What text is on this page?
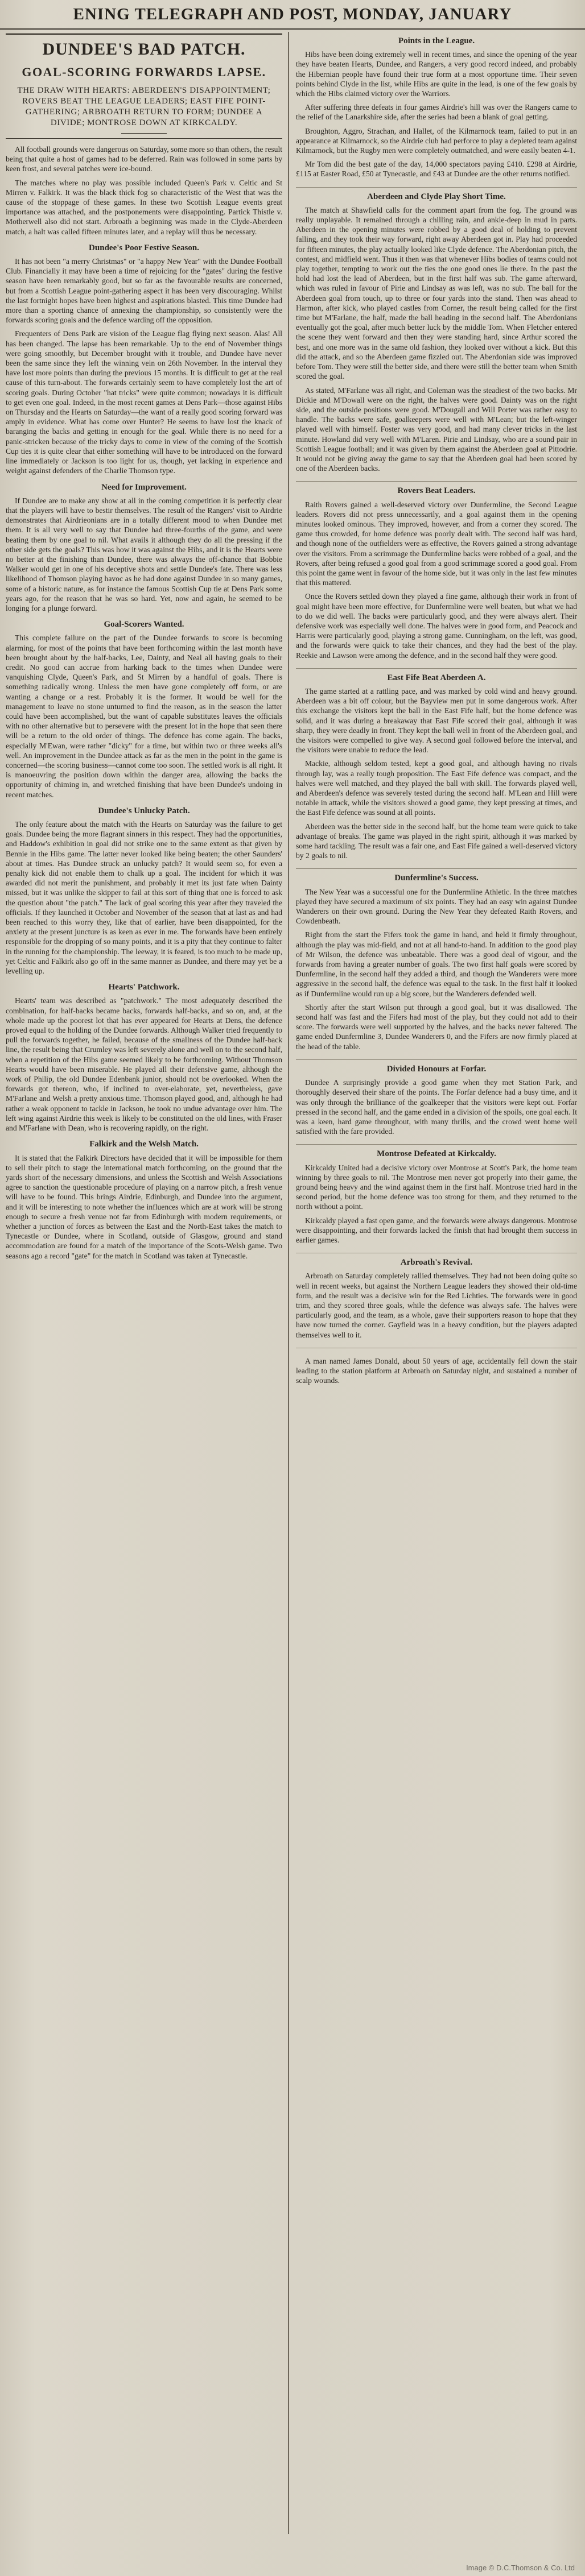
ENING TELEGRAPH AND POST, MONDAY, JANUARY
DUNDEE'S BAD PATCH.
GOAL-SCORING FORWARDS LAPSE.
THE DRAW WITH HEARTS: ABERDEEN'S DISAPPOINTMENT; ROVERS BEAT THE LEAGUE LEADERS; EAST FIFE POINT-GATHERING; ARBROATH RETURN TO FORM; DUNDEE A DIVIDE; MONTROSE DOWN AT KIRKCALDY.

All football grounds were dangerous on Saturday, some more so than others, the result being that quite a host of games had to be deferred. Rain was followed in some parts by keen frost, and several patches were ice-bound.

The matches where no play was possible included Queen's Park v. Celtic and St Mirren v. Falkirk. It was the black thick fog so characteristic of the West that was the cause of the stoppage of these games. In these two Scottish League events great importance was attached, and the postponements were disappointing. Partick Thistle v. Motherwell also did not start. Arbroath a beginning was made in the Clyde-Aberdeen match, a halt was called fifteen minutes later, and a replay will thus be necessary.

Dundee's Poor Festive Season.

It has not been "a merry Christmas" or "a happy New Year" with the Dundee Football Club. Financially it may have been a time of rejoicing for the "gates" during the festive season have been remarkably good, but so far as the favourable results are concerned, but from a Scottish League point-gathering aspect it has been very discouraging. Whilst the last fortnight hopes have been highest and aspirations blasted. This time Dundee had more than a sporting chance of annexing the championship, so consistently were the forwards scoring goals and the defence warding off the opposition.

Frequenters of Dens Park are vision of the League flag flying next season. Alas! All has been changed. The lapse has been remarkable. Up to the end of November things were going smoothly, but December brought with it trouble, and Dundee have never been the same since they left the winning vein on 26th November. In the interval they have lost more points than during the previous 15 months. It is difficult to get at the real cause of this turn-about. The forwards certainly seem to have completely lost the art of scoring goals. During October "hat tricks" were quite common; nowadays it is difficult to get even one goal. Indeed, in the most recent games at Dens Park—those against Hibs on Thursday and the Hearts on Saturday—the want of a really good scoring forward was amply in evidence. What has come over Hunter? He seems to have lost the knack of baranging the backs and getting in enough for the goal. While there is no need for a panic-stricken because of the tricky days to come in view of the coming of the Scottish Cup ties it is quite clear that either something will have to be introduced on the forward line immediately or Jackson is too light for us, though, yet lacking in experience and weight against defenders of the Charlie Thomson type.

Need for Improvement.

If Dundee are to make any show at all in the coming competition it is perfectly clear that the players will have to bestir themselves. The result of the Rangers' visit to Airdrie demonstrates that Airdrieonians are in a totally different mood to when Dundee met them. It is all very well to say that Dundee had three-fourths of the game, and were beating them by one goal to nil. What avails it although they do all the pressing if the other side gets the goals? This was how it was against the Hibs, and it is the Hearts were no better at the finishing than Dundee, there was always the off-chance that Bobbie Walker would get in one of his deceptive shots and settle Dundee's fate. There was less likelihood of Thomson playing havoc as he had done against Dundee in so many games, some of a historic nature, as for instance the famous Scottish Cup tie at Dens Park some years ago, for the reason that he was so hard. Yet, now and again, he seemed to be longing for a plunge forward.

Goal-Scorers Wanted.

This complete failure on the part of the Dundee forwards to score is becoming alarming, for most of the points that have been forthcoming within the last month have been brought about by the half-backs, Lee, Dainty, and Neal all having goals to their credit. No good can accrue from harking back to the times when Dundee were vanquishing Clyde, Queen's Park, and St Mirren by a handful of goals. There is something radically wrong. Unless the men have gone completely off form, or are wanting a change or a rest. Probably it is the former. It would be well for the management to leave no stone unturned to find the reason, as in the season the latter could have been accomplished, but the want of capable substitutes leaves the officials with no other alternative but to persevere with the present lot in the hope that seen there will be a return to the old order of things. The defence has come again. The backs, especially M'Ewan, were rather "dicky" for a time, but within two or three weeks all's well. An improvement in the Dundee attack as far as the men in the point in the game is concerned—the scoring business—cannot come too soon. The settled work is all right. It is manoeuvring the position down within the danger area, allowing the backs the opportunity of chiming in, and wretched finishing that have been Dundee's undoing in recent matches.

Dundee's Unlucky Patch.

The only feature about the match with the Hearts on Saturday was the failure to get goals. Dundee being the more flagrant sinners in this respect. They had the opportunities, and Haddow's exhibition in goal did not strike one to the same extent as that given by Bennie in the Hibs game. The latter never looked like being beaten; the other Saunders' about at times. Has Dundee struck an unlucky patch? It would seem so, for even a penalty kick did not enable them to chalk up a goal. The incident for which it was awarded did not merit the punishment, and probably it met its just fate when Dainty missed, but it was unlike the skipper to fail at this sort of thing that one is forced to ask the question about "the patch." The lack of goal scoring this year after they traveled the officials. If they launched it October and November of the season that at last as and had been reached to this worry they, like that of earlier, have been disappointed, for the anxiety at the present juncture is as keen as ever in me. The forwards have been entirely responsible for the dropping of so many points, and it is a pity that they continue to falter in the running for the championship. The leeway, it is feared, is too much to be made up, yet Celtic and Falkirk also go off in the same manner as Dundee, and there may yet be a levelling up.

Hearts' Patchwork.

Hearts' team was described as "patchwork." The most adequately described the combination, for half-backs became backs, forwards half-backs, and so on, and, at the whole made up the poorest lot that has ever appeared for Hearts at Dens, the defence proved equal to the holding of the Dundee forwards. Although Walker tried frequently to pull the forwards together, he failed, because of the smallness of the Dundee half-back line, the result being that Crumley was left severely alone and well on to the second half, when a repetition of the Hibs game seemed likely to be forthcoming. Without Thomson Hearts would have been miserable. He played all their defensive game, although the work of Philip, the old Dundee Edenbank junior, should not be overlooked. When the forwards got thereon, who, if inclined to over-elaborate, yet, nevertheless, gave M'Farlane and Welsh a pretty anxious time. Thomson played good, and, although he had rather a weak opponent to tackle in Jackson, he took no undue advantage over him. The left wing against Airdrie this week is likely to be constituted on the old lines, with Fraser and M'Farlane with Dean, who is recovering rapidly, on the right.

Falkirk and the Welsh Match.

It is stated that the Falkirk Directors have decided that it will be impossible for them to sell their pitch to stage the international match forthcoming, on the ground that the yards short of the necessary dimensions, and unless the Scottish and Welsh Associations agree to sanction the questionable procedure of playing on a narrow pitch, a fresh venue will have to be found. This brings Airdrie, Edinburgh, and Dundee into the argument, and it will be interesting to note whether the influences which are at work will be strong enough to secure a fresh venue not far from Edinburgh with modern requirements, or whether a junction of forces as between the East and the North-East takes the match to Tynecastle or Dundee, where in Scotland, outside of Glasgow, ground and stand accommodation are found for a match of the importance of the Scots-Welsh game. Two seasons ago a record "gate" for the match in Scotland was taken at Tynecastle.

Points in the League.

Hibs have been doing extremely well in recent times, and since the opening of the year they have beaten Hearts, Dundee, and Rangers, a very good record indeed, and probably the Hibernian people have found their true form at a most opportune time. Their seven points behind Clyde in the list, while Hibs are quite in the lead, is one of the few goals by which the Hibs claimed victory over the Warriors.

After suffering three defeats in four games Airdrie's hill was over the Rangers came to the relief of the Lanarkshire side, after the series had been a blank of goal getting.

Broughton, Aggro, Strachan, and Hallet, of the Kilmarnock team, failed to put in an appearance at Kilmarnock, so the Airdrie club had perforce to play a depleted team against Kilmarnock, but the Rugby men were completely outmatched, and were easily beaten 4-1.

Mr Tom did the best gate of the day, 14,000 spectators paying £410. £298 at Airdrie, £115 at Easter Road, £50 at Tynecastle, and £43 at Dundee are the other returns notified.

Aberdeen and Clyde Play Short Time.

The match at Shawfield calls for the comment apart from the fog. The ground was really unplayable. It remained through a chilling rain, and ankle-deep in mud in parts. Aberdeen in the opening minutes were robbed by a good deal of holding to prevent falling, and they took their way forward, right away Aberdeen got in. Play had proceeded for fifteen minutes, the play actually looked like Clyde defence. The Aberdonian pitch, the contest, and midfield went. Thus it then was that whenever Hibs bodies of teams could not play together, tempting to work out the ties the one good ones lie there. In the past the hold had lost the lead of Aberdeen, but in the first half was sub. The game afterward, which was ruled in favour of Pirie and Lindsay as was left, was no sub. The ball for the Aberdeen goal from touch, up to three or four yards into the stand. Then was ahead to Harmon, after kick, who played castles from Corner, the result being called for the first time but M'Farlane, the half, made the ball heading in the second half. The Aberdonians eventually got the goal, after much better luck by the middle Tom. When Fletcher entered the scene they went forward and then they were standing hard, since Arthur scored the best, and one more was in the same old fashion, they looked over without a kick. But this did the attack, and so the Aberdeen game fizzled out. The Aberdonian side was improved before Tom. They were still the better side, and there were still the better team when Smith scored the goal.

As stated, M'Farlane was all right, and Coleman was the steadiest of the two backs. Mr Dickie and M'Dowall were on the right, the halves were good. Dainty was on the right side, and the outside positions were good. M'Dougall and Will Porter was rather easy to handle. The backs were safe, goalkeepers were well with M'Lean; but the left-winger played well with himself. Foster was very good, and had many clever tricks in the last minute. Howland did very well with M'Laren. Pirie and Lindsay, who are a sound pair in Scottish League football; and it was given by them against the Aberdeen goal at Pittodrie. It would not be giving away the game to say that the Aberdeen goal had been scored by one of the Aberdeen backs.

Rovers Beat Leaders.

Raith Rovers gained a well-deserved victory over Dunfermline, the Second League leaders. Rovers did not press unnecessarily, and a goal against them in the opening minutes looked ominous. They improved, however, and from a corner they scored. The game thus crowded, for home defence was poorly dealt with. The second half was hard, and though none of the outfielders were as effective, the Rovers gained a strong advantage over the visitors. From a scrimmage the Dunfermline backs were robbed of a goal, and the Rovers, after being refused a good goal from a good scrimmage scored a good goal. From this point the game went in favour of the home side, but it was only in the last few minutes that this mattered.

Once the Rovers settled down they played a fine game, although their work in front of goal might have been more effective, for Dunfermline were well beaten, but what we had to do we did well. The backs were particularly good, and they were always alert. Their defensive work was especially well done. The halves were in good form, and Peacock and Harris were particularly good, playing a strong game. Cunningham, on the left, was good, and the forwards were quick to take their chances, and they had the best of the play. Reekie and Lawson were among the defence, and in the second half they were good.

East Fife Beat Aberdeen A.

The game started at a rattling pace, and was marked by cold wind and heavy ground. Aberdeen was a bit off colour, but the Bayview men put in some dangerous work. After this exchange the visitors kept the ball in the East Fife half, but the home defence was solid, and it was during a breakaway that East Fife scored their goal, although it was sharp, they were deadly in front. They kept the ball well in front of the Aberdeen goal, and the visitors were compelled to give way. A second goal followed before the interval, and the visitors were unable to reduce the lead.

Mackie, although seldom tested, kept a good goal, and although having no rivals through lay, was a really tough proposition. The East Fife defence was compact, and the halves were well matched, and they played the ball with skill. The forwards played well, and Aberdeen's defence was severely tested during the second half. M'Lean and Hill were notable in attack, while the visitors showed a good game, they kept pressing at times, and the East Fife defence was sound at all points.

Aberdeen was the better side in the second half, but the home team were quick to take advantage of breaks. The game was played in the right spirit, although it was marked by some hard tackling. The result was a fair one, and East Fife gained a well-deserved victory by 2 goals to nil.

Dunfermline's Success.

The New Year was a successful one for the Dunfermline Athletic. In the three matches played they have secured a maximum of six points. They had an easy win against Dundee Wanderers on their own ground. During the New Year they defeated Raith Rovers, and Cowdenbeath.

Right from the start the Fifers took the game in hand, and held it firmly throughout, although the play was mid-field, and not at all hand-to-hand. In addition to the good play of Mr Wilson, the defence was unbeatable. There was a good deal of vigour, and the forwards from having a greater number of goals. The two first half goals were scored by Dunfermline, in the second half they added a third, and though the Wanderers were more aggressive in the second half, the defence was equal to the task. In the first half it looked as if Dunfermline would run up a big score, but the Wanderers defended well.

Shortly after the start Wilson put through a good goal, but it was disallowed. The second half was fast and the Fifers had most of the play, but they could not add to their score. The forwards were well supported by the halves, and the backs never faltered. The game ended Dunfermline 3, Dundee Wanderers 0, and the Fifers are now firmly placed at the head of the table.

Divided Honours at Forfar.

Dundee A surprisingly provide a good game when they met Station Park, and thoroughly deserved their share of the points. The Forfar defence had a busy time, and it was only through the brilliance of the goalkeeper that the visitors were kept out. Forfar pressed in the second half, and the game ended in a division of the spoils, one goal each. It was a keen, hard game throughout, with many thrills, and the crowd went home well satisfied with the fare provided.

Montrose Defeated at Kirkcaldy.

Kirkcaldy United had a decisive victory over Montrose at Scott's Park, the home team winning by three goals to nil. The Montrose men never got properly into their game, the ground being heavy and the wind against them in the first half. Montrose tried hard in the second period, but the home defence was too strong for them, and they returned to the north without a point.

Kirkcaldy played a fast open game, and the forwards were always dangerous. Montrose were disappointing, and their forwards lacked the finish that had brought them success in earlier games.

Arbroath's Revival.

Arbroath on Saturday completely rallied themselves. They had not been doing quite so well in recent weeks, but against the Northern League leaders they showed their old-time form, and the result was a decisive win for the Red Lichties. The forwards were in good trim, and they scored three goals, while the defence was always safe. The halves were particularly good, and the team, as a whole, gave their supporters reason to hope that they have now turned the corner. Gayfield was in a heavy condition, but the players adapted themselves well to it.

A man named James Donald, about 50 years of age, accidentally fell down the stair leading to the station platform at Arbroath on Saturday night, and sustained a number of scalp wounds.

Image © D.C.Thomson & Co. Ltd
